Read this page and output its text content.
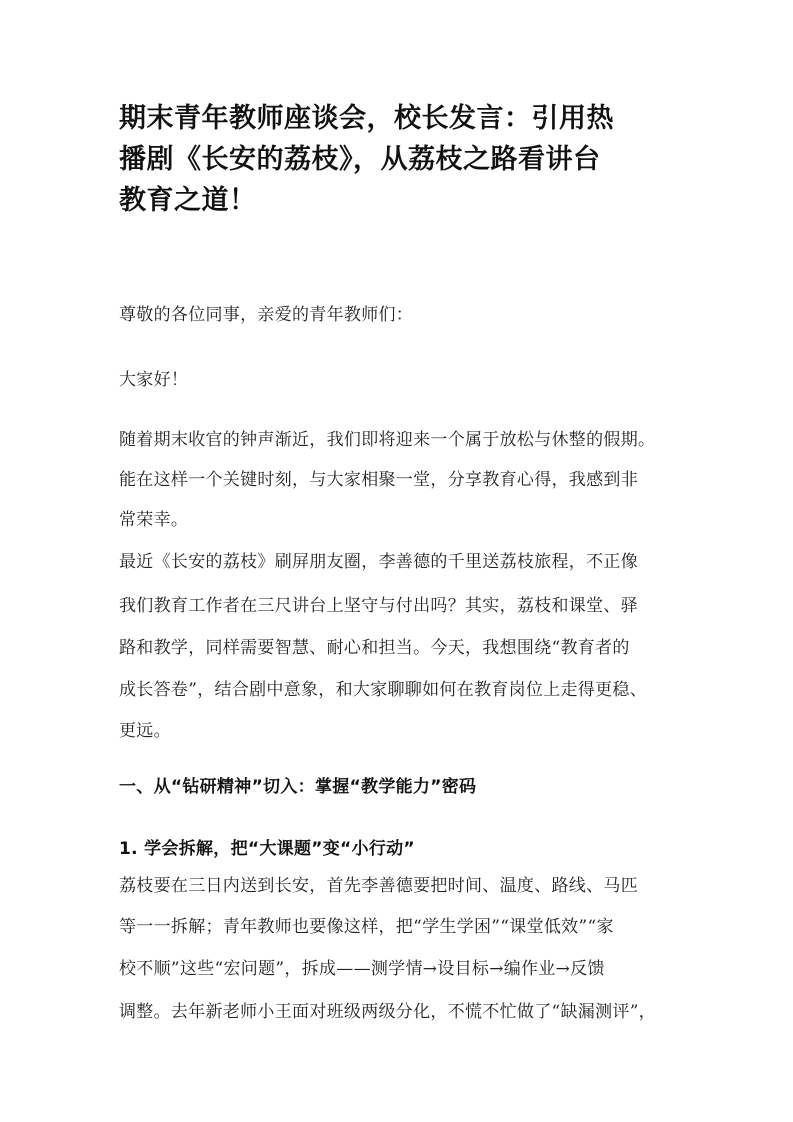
期末青年教师座谈会，校长发言：引用热
播剧《长安的荔枝》，从荔枝之路看讲台
教育之道！
尊敬的各位同事，亲爱的青年教师们：
大家好！
随着期末收官的钟声渐近，我们即将迎来一个属于放松与休整的假期。
能在这样一个关键时刻，与大家相聚一堂，分享教育心得，我感到非
常荣幸。
最近《长安的荔枝》刷屏朋友圈，李善德的千里送荔枝旅程，不正像
我们教育工作者在三尺讲台上坚守与付出吗？其实，荔枝和课堂、驿
路和教学，同样需要智慧、耐心和担当。今天，我想围绕“教育者的
成长答卷”，结合剧中意象，和大家聊聊如何在教育岗位上走得更稳、
更远。
一、从“钻研精神”切入：掌握“教学能力”密码
1. 学会拆解，把“大课题”变“小行动”
荔枝要在三日内送到长安，首先李善德要把时间、温度、路线、马匹
等一一拆解；青年教师也要像这样，把“学生学困”“课堂低效”“家
校不顺”这些“宏问题”，拆成——测学情→设目标→编作业→反馈
调整。去年新老师小王面对班级两级分化，不慌不忙做了“缺漏测评”，
